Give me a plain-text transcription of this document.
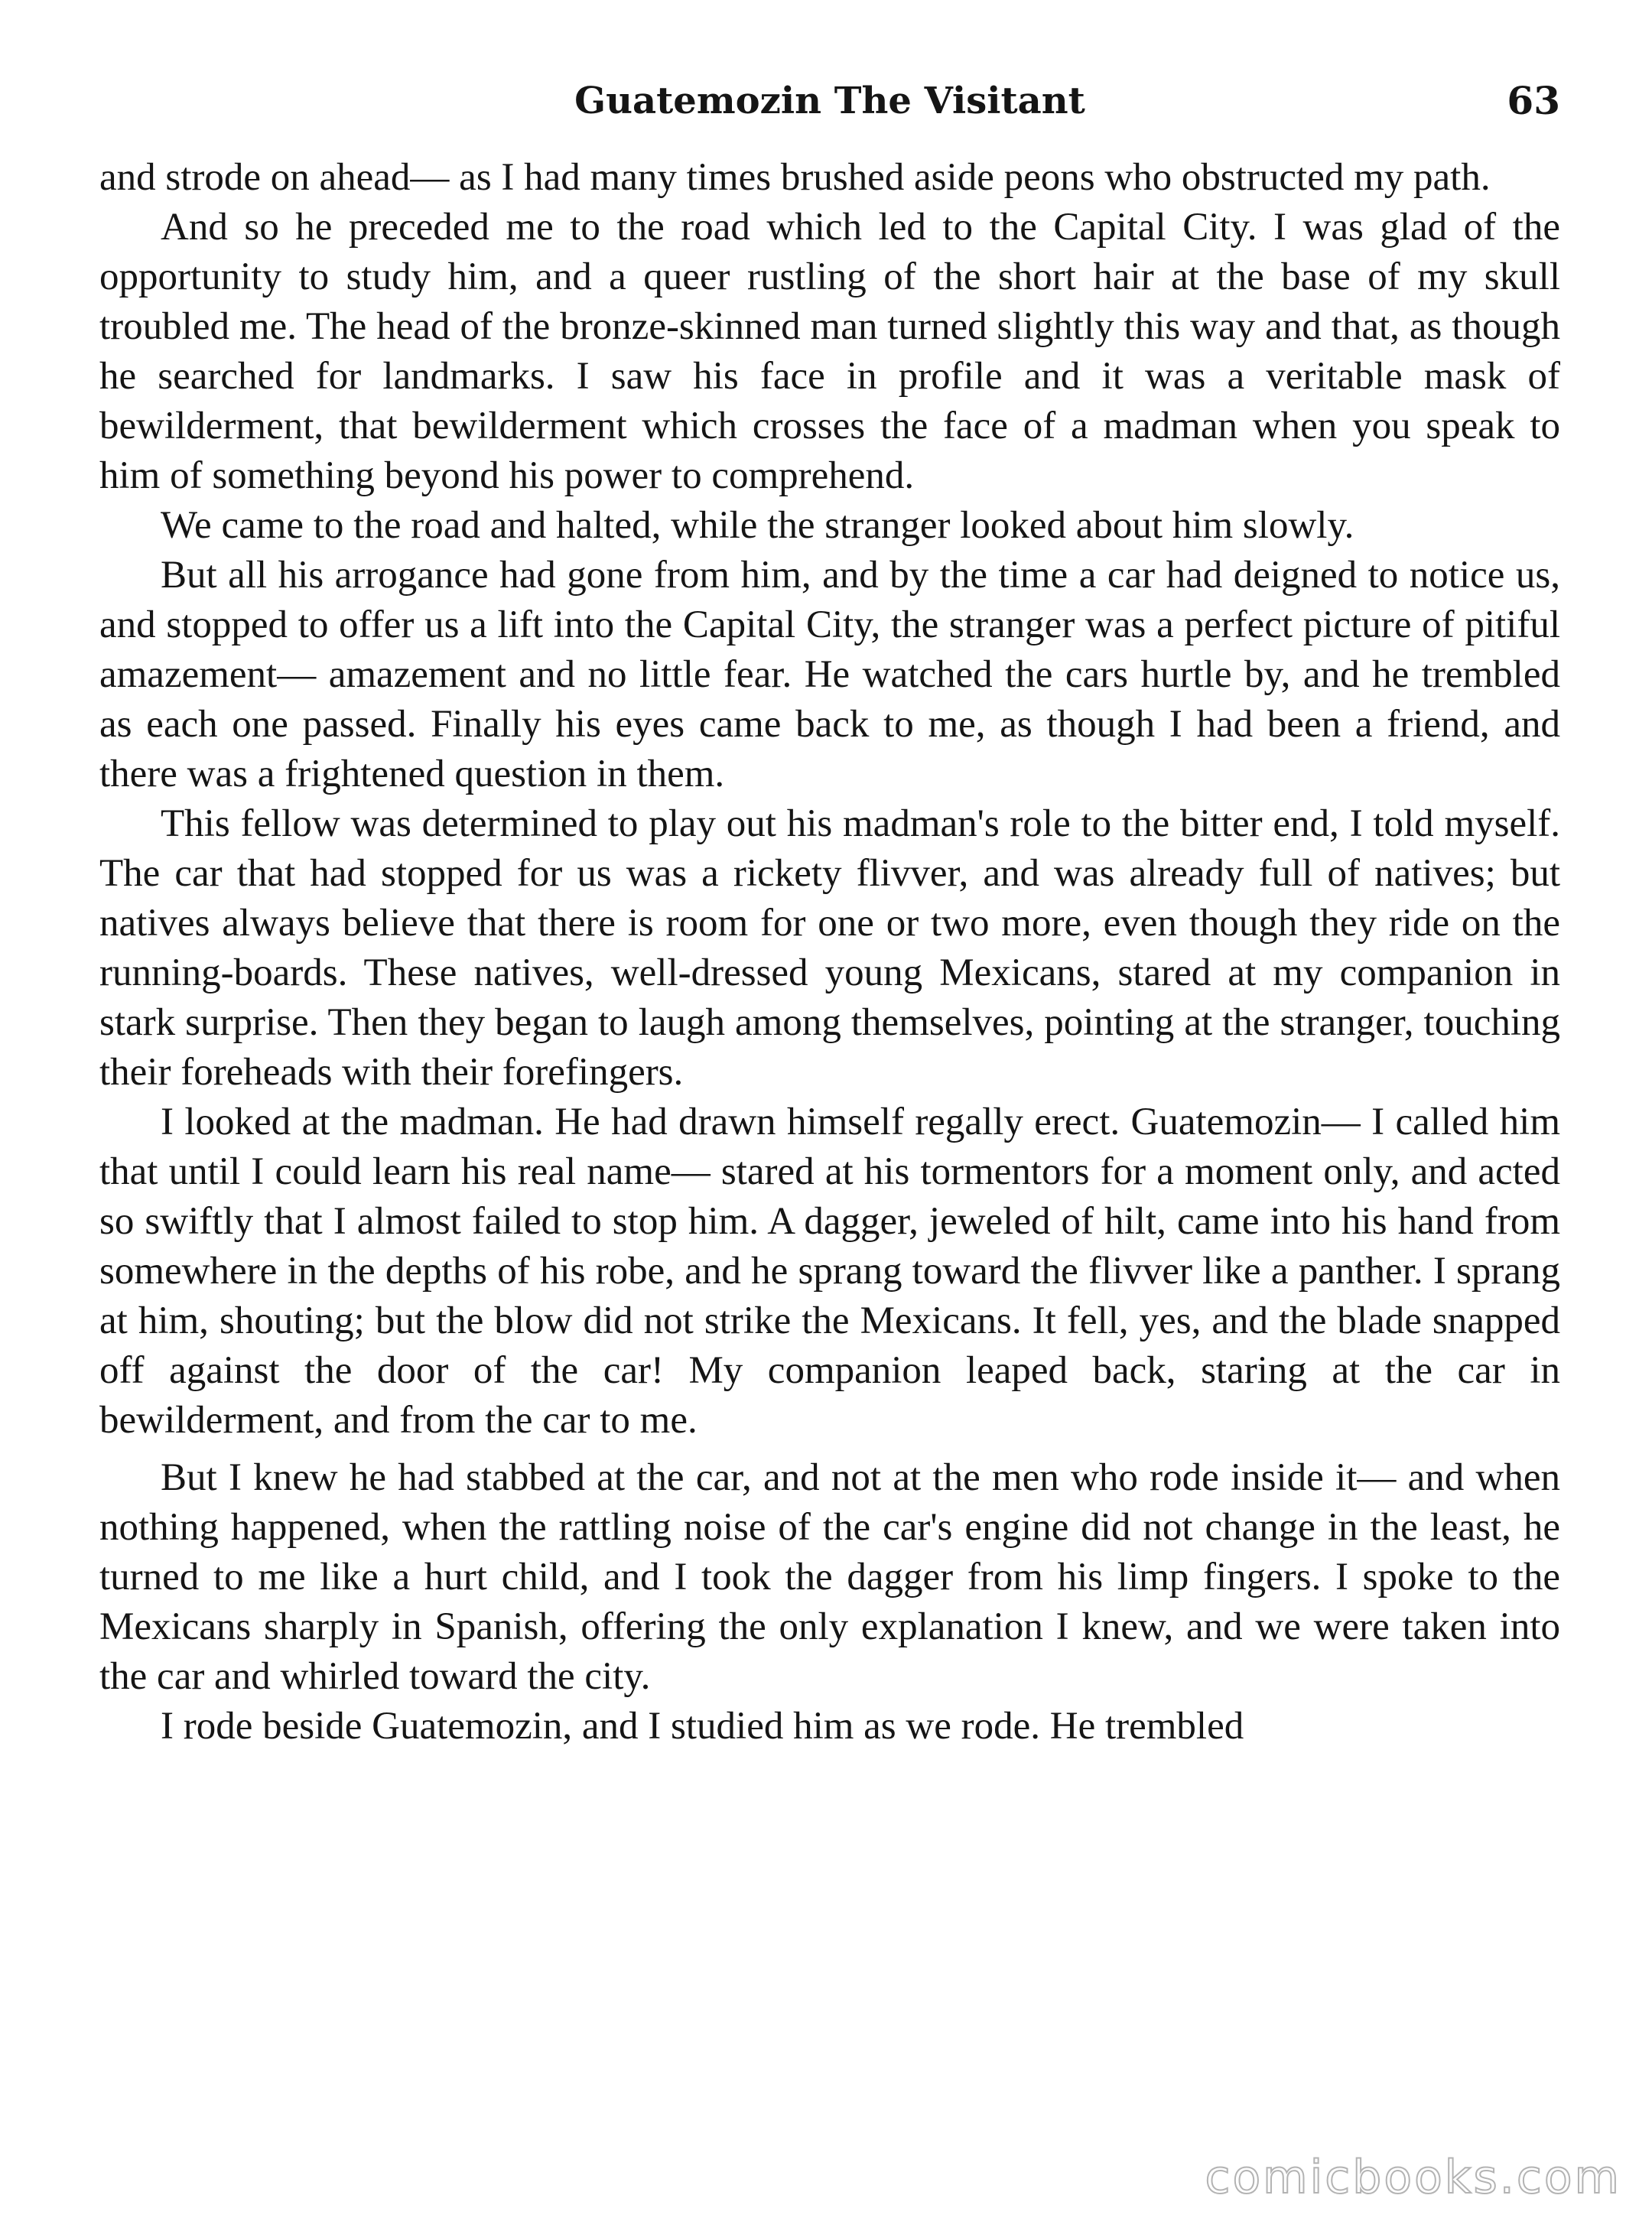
Guatemozin The Visitant	63

and strode on ahead— as I had many times brushed aside peons who obstructed my path.

And so he preceded me to the road which led to the Capital City. I was glad of the opportunity to study him, and a queer rustling of the short hair at the base of my skull troubled me. The head of the bronze-skinned man turned slightly this way and that, as though he searched for landmarks. I saw his face in profile and it was a veritable mask of bewilderment, that bewilderment which crosses the face of a madman when you speak to him of something beyond his power to comprehend.

We came to the road and halted, while the stranger looked about him slowly.

But all his arrogance had gone from him, and by the time a car had deigned to notice us, and stopped to offer us a lift into the Capital City, the stranger was a perfect picture of pitiful amazement— amazement and no little fear. He watched the cars hurtle by, and he trembled as each one passed. Finally his eyes came back to me, as though I had been a friend, and there was a frightened question in them.

This fellow was determined to play out his madman's role to the bitter end, I told myself. The car that had stopped for us was a rickety flivver, and was already full of natives; but natives always believe that there is room for one or two more, even though they ride on the running-boards. These natives, well-dressed young Mexicans, stared at my companion in stark surprise. Then they began to laugh among themselves, pointing at the stranger, touching their foreheads with their forefingers.

I looked at the madman. He had drawn himself regally erect. Guatemozin— I called him that until I could learn his real name— stared at his tormentors for a moment only, and acted so swiftly that I almost failed to stop him. A dagger, jeweled of hilt, came into his hand from somewhere in the depths of his robe, and he sprang toward the flivver like a panther. I sprang at him, shouting; but the blow did not strike the Mexicans. It fell, yes, and the blade snapped off against the door of the car! My companion leaped back, staring at the car in bewilderment, and from the car to me.

But I knew he had stabbed at the car, and not at the men who rode inside it— and when nothing happened, when the rattling noise of the car's engine did not change in the least, he turned to me like a hurt child, and I took the dagger from his limp fingers. I spoke to the Mexicans sharply in Spanish, offering the only explanation I knew, and we were taken into the car and whirled toward the city.

I rode beside Guatemozin, and I studied him as we rode. He trembled

comicbooks.com
